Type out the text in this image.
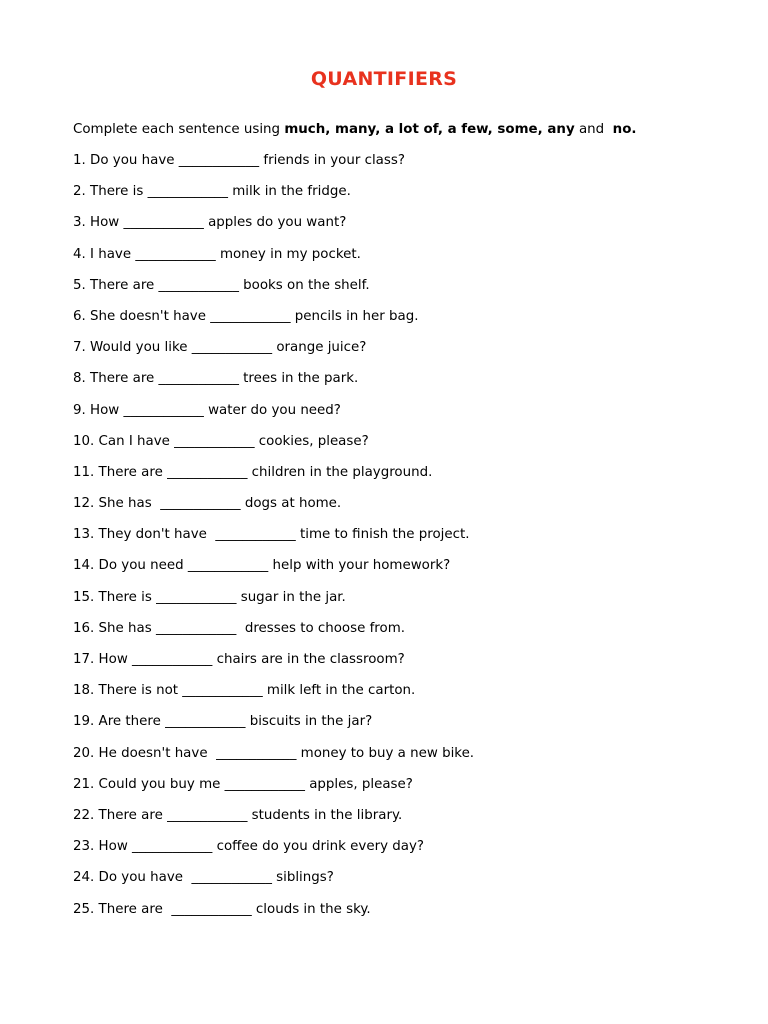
QUANTIFIERS

Complete each sentence using much, many, a lot of, a few, some, any and  no.

1. Do you have ____________ friends in your class?
2. There is ____________ milk in the fridge.
3. How ____________ apples do you want?
4. I have ____________ money in my pocket.
5. There are ____________ books on the shelf.
6. She doesn't have ____________ pencils in her bag.
7. Would you like ____________ orange juice?
8. There are ____________ trees in the park.
9. How ____________ water do you need?
10. Can I have ____________ cookies, please?
11. There are ____________ children in the playground.
12. She has  ____________ dogs at home.
13. They don't have  ____________ time to finish the project.
14. Do you need ____________ help with your homework?
15. There is ____________ sugar in the jar.
16. She has ____________  dresses to choose from.
17. How ____________ chairs are in the classroom?
18. There is not ____________ milk left in the carton.
19. Are there ____________ biscuits in the jar?
20. He doesn't have  ____________ money to buy a new bike.
21. Could you buy me ____________ apples, please?
22. There are ____________ students in the library.
23. How ____________ coffee do you drink every day?
24. Do you have  ____________ siblings?
25. There are  ____________ clouds in the sky.
